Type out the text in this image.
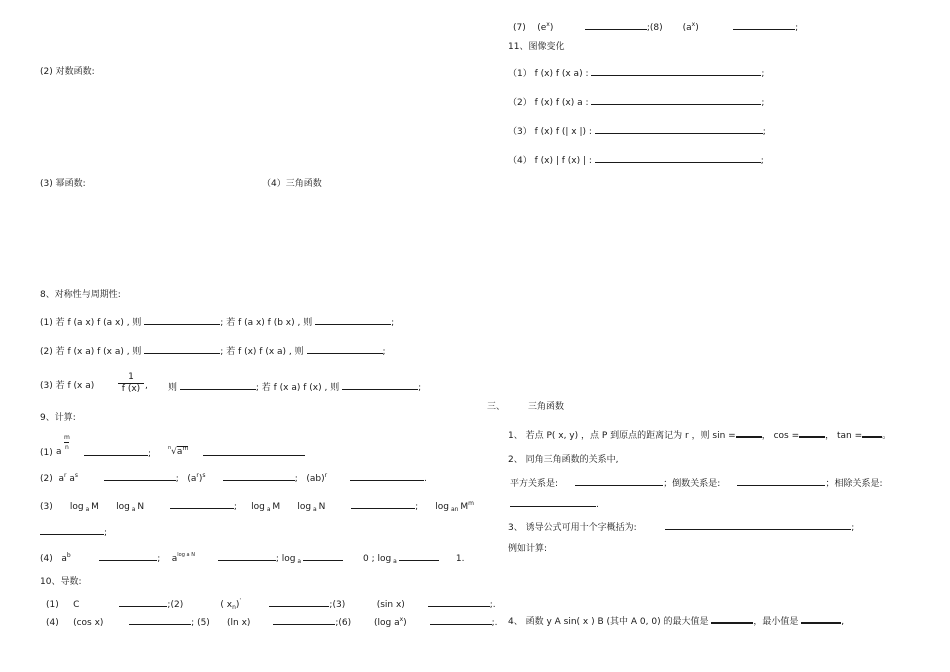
(2) 对数函数:
(3) 幂函数:	（4）三角函数
8、对称性与周期性:
(1) 若 f (a x) f (a x) , 则	; 若 f (a x) f (b x) , 则	;
(2) 若 f (x a) f (x a) , 则	; 若 f (x) f (x a) , 则	;
(3) 若 f (x a)
1
f (x) , 则	; 若 f (x a) f (x) , 则	;
9、计算:
(1) a
m
n
;
$^n√a^m$
(2) $a^r$ $a^s$	; $(a^r)^s$	; (ab)$^r$	.
(3) log $_a$ M log $_a$ N	; log $_a$ M log $_a$ N	; log $_{an}$ $M^m$
;
(4) $a^b$	; $a^{log a N}$	; log $_a$	0 ; log $_a$	1.
10、导数:
(1) C	;(2)	( $x_n)'$	;(3)	(sin x)	;.
(4) (cos x)	; (5) (ln x)	;(6)	(log $a^x$)	;.
(7) $(e^x)$	;(8) $(a^x)$	;
11、图像变化
（1） f (x) f (x a) :	;
（2） f (x) f (x) a :	;
（3） f (x) f (| x |) :	;
（4） f (x) | f (x) | :	;
三、	三角函数
1、 若点 P( x, y) ，点 P 到原点的距离记为 r ，则 sin =	， cos =	， tan = 。
2、 同角三角函数的关系中,
平方关系是:	；倒数关系是:	；相除关系是:
.
3、 诱导公式可用十个字概括为:	;
例如计算:
4、 函数 y A sin( x ) B (其中 A 0, 0) 的最大值是	，最小值是	,
